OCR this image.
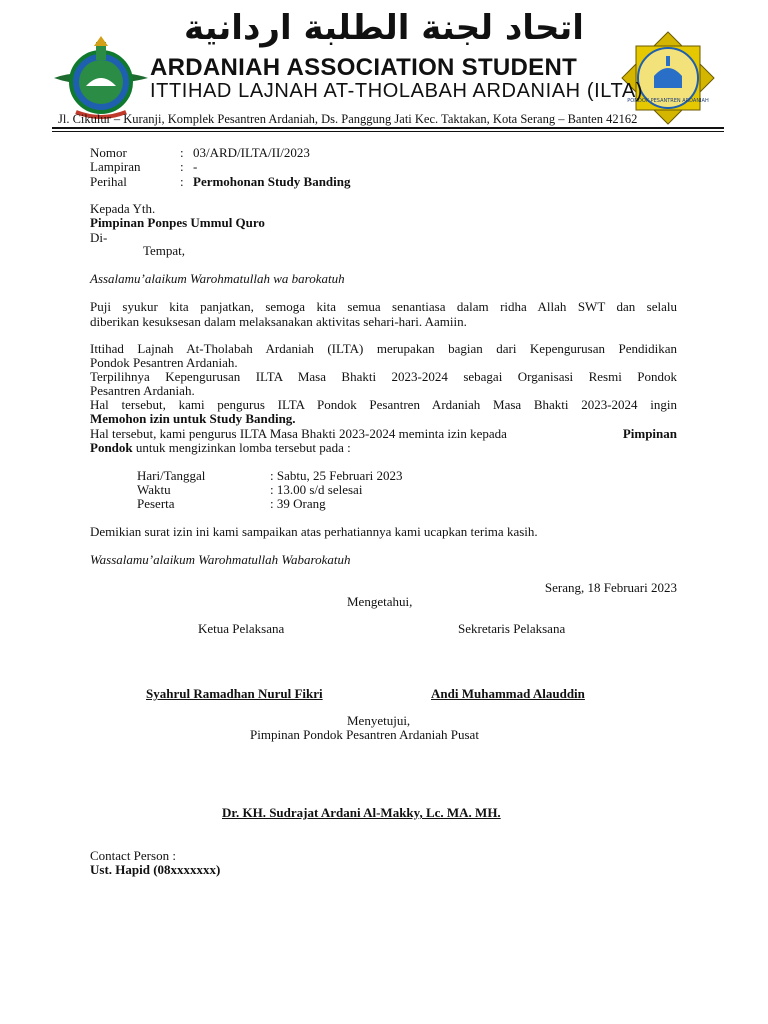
اتحاد لجنة الطلبة اردانية
PONDOK PESANTREN ARDANIAH
ARDANIAH ASSOCIATION STUDENT
ITTIHAD LAJNAH AT-THOLABAH ARDANIAH (ILTA)
Jl. Cikulur – Kuranji, Komplek Pesantren Ardaniah, Ds. Panggung Jati Kec. Taktakan, Kota Serang – Banten 42162
Nomor	: 03/ARD/ILTA/II/2023
Lampiran	: -
Perihal	: Permohonan Study Banding
Kepada Yth.
Pimpinan Ponpes Ummul Quro
Di-
Tempat,
Assalamu’alaikum Warohmatullah wa barokatuh
Puji syukur kita panjatkan, semoga kita semua senantiasa dalam ridha Allah SWT dan selalu
diberikan kesuksesan dalam melaksanakan aktivitas sehari-hari. Aamiin.
Ittihad Lajnah At-Tholabah Ardaniah (ILTA) merupakan bagian dari Kepengurusan Pendidikan
Pondok Pesantren Ardaniah.
Terpilihnya Kepengurusan ILTA Masa Bhakti 2023-2024 sebagai Organisasi Resmi Pondok
Pesantren Ardaniah.
Hal tersebut, kami pengurus ILTA Pondok Pesantren Ardaniah Masa Bhakti 2023-2024 ingin
Memohon izin untuk Study Banding.
Hal tersebut, kami pengurus ILTA Masa Bhakti 2023-2024 meminta izin kepada	Pimpinan
Pondok untuk mengizinkan lomba tersebut pada :
Hari/Tanggal	: Sabtu, 25 Februari 2023
Waktu	: 13.00 s/d selesai
Peserta	: 39 Orang
Demikian surat izin ini kami sampaikan atas perhatiannya kami ucapkan terima kasih.
Wassalamu’alaikum Warohmatullah Wabarokatuh
Serang, 18 Februari 2023
Mengetahui,
Ketua Pelaksana	Sekretaris Pelaksana
Syahrul Ramadhan Nurul Fikri	Andi Muhammad Alauddin
Menyetujui,
Pimpinan Pondok Pesantren Ardaniah Pusat
Dr. KH. Sudrajat Ardani Al-Makky, Lc. MA. MH.
Contact Person :
Ust. Hapid (08xxxxxxx)
